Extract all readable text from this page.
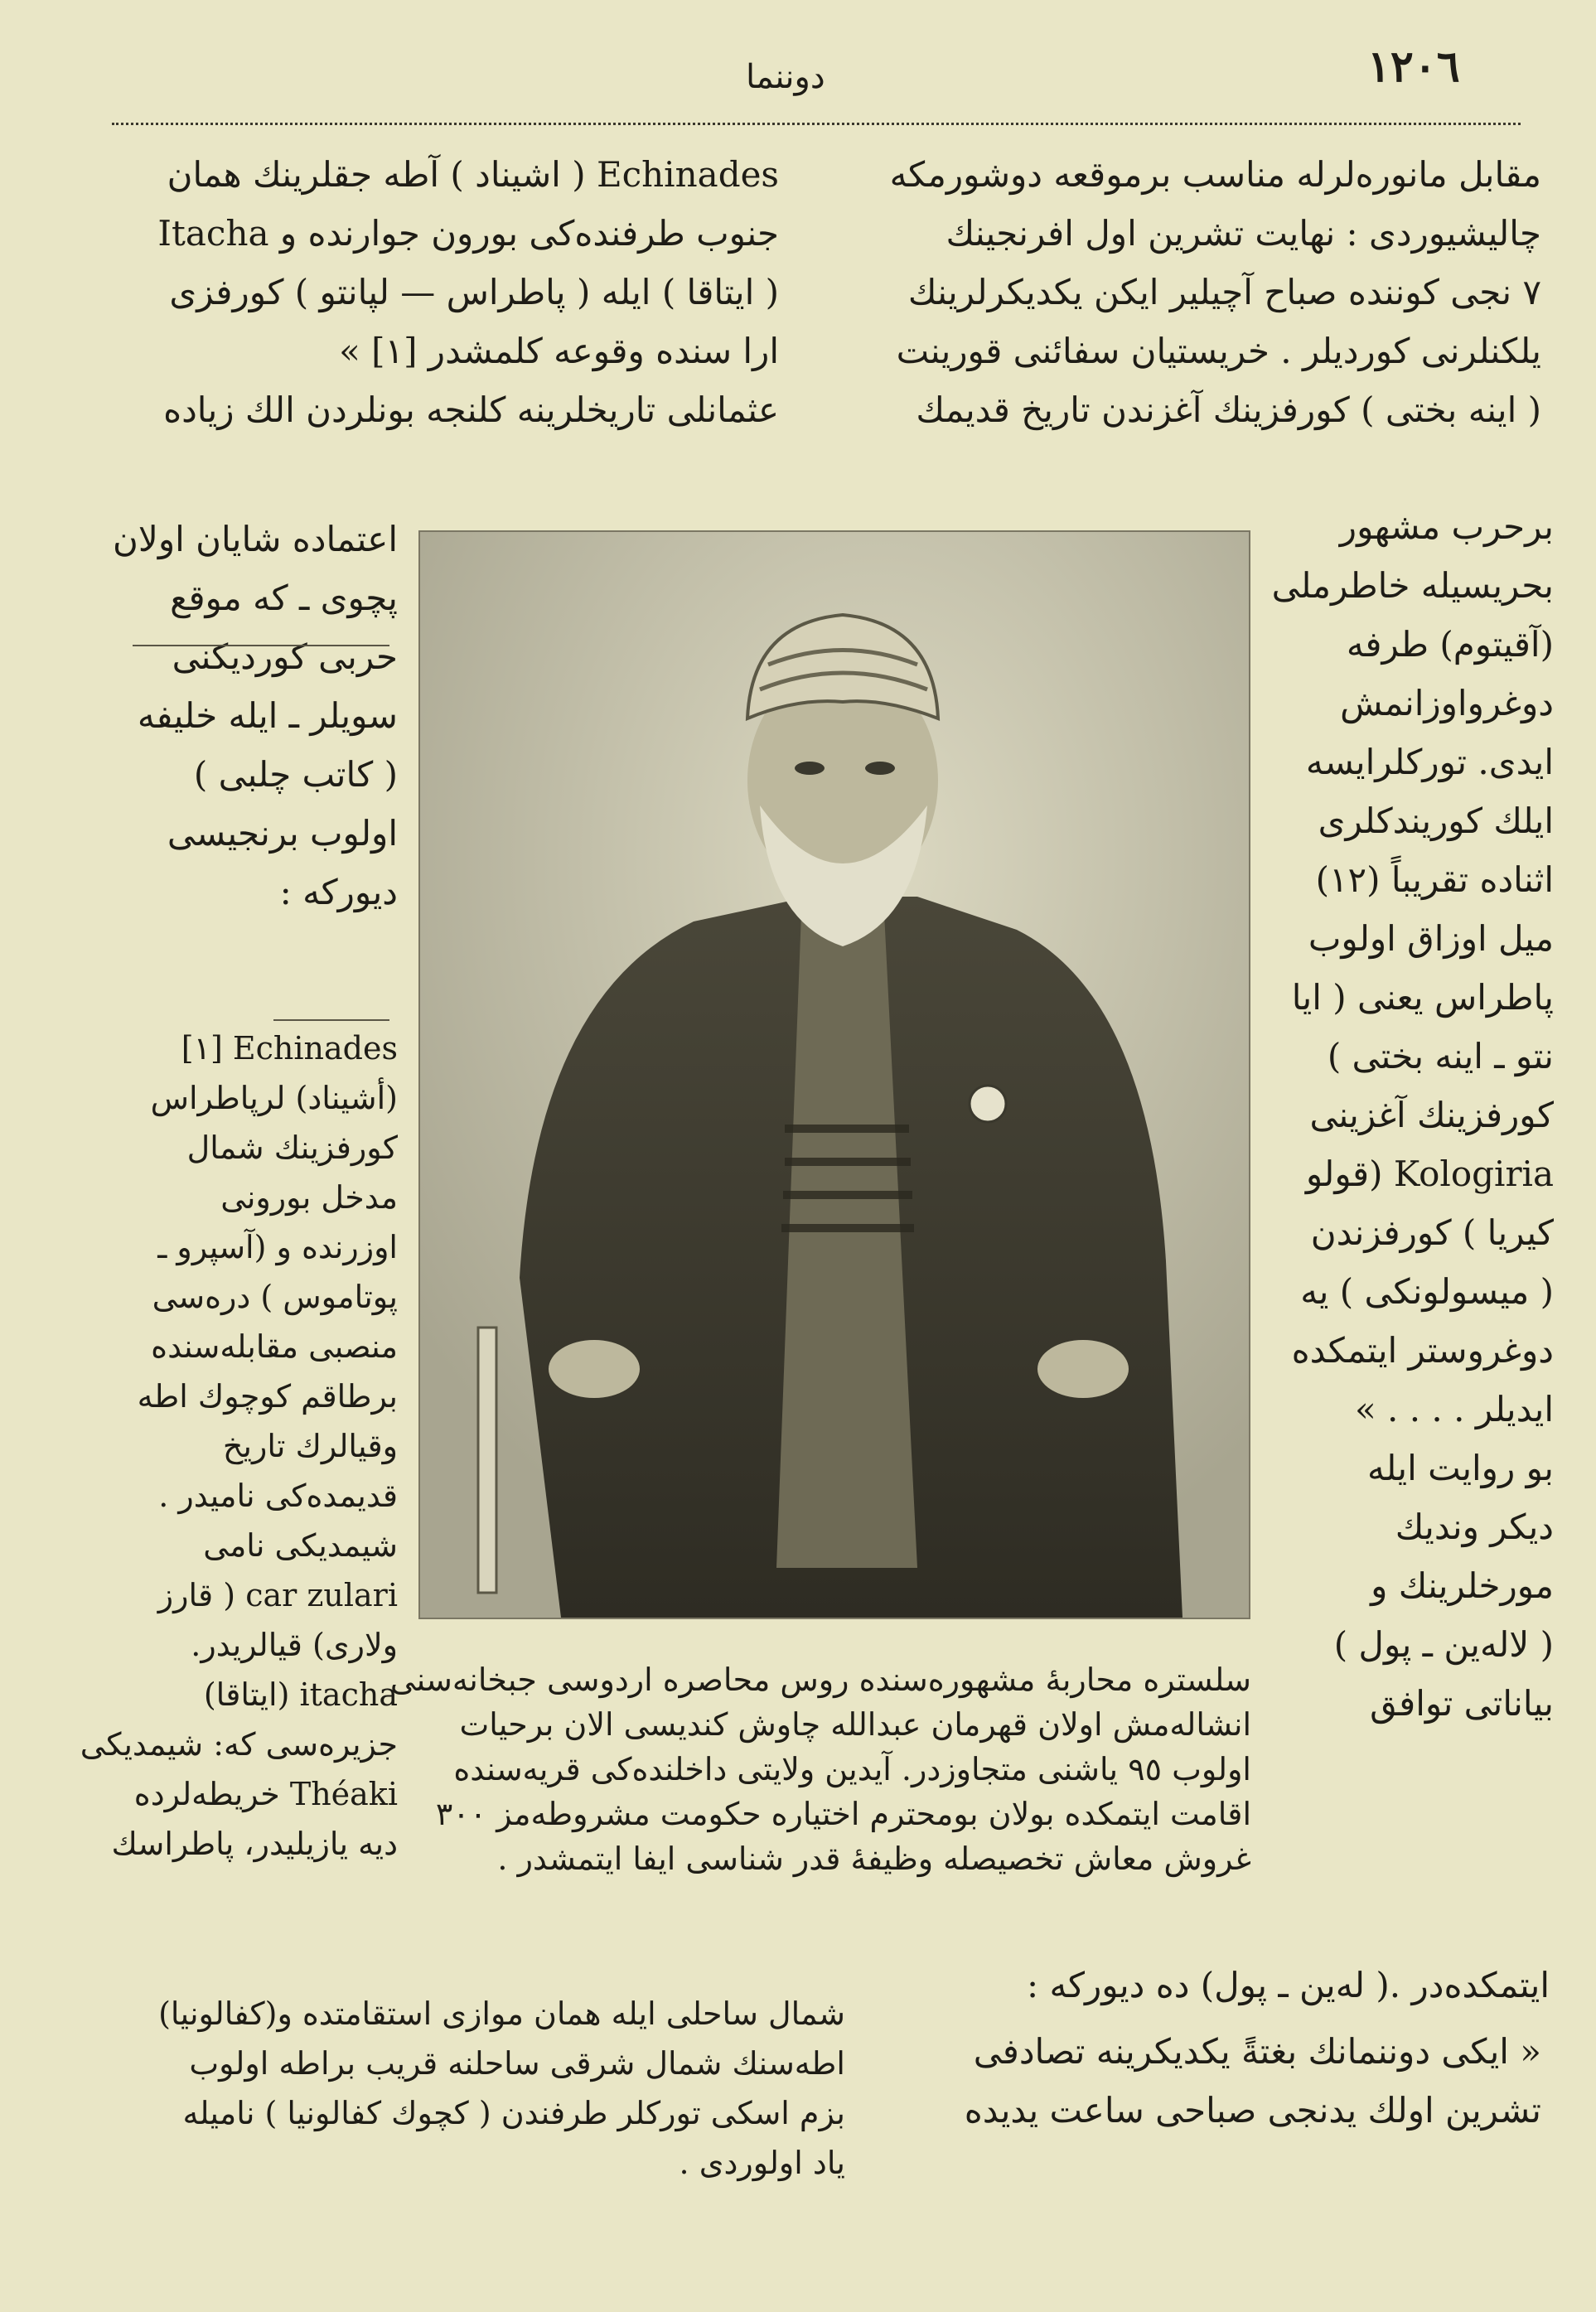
١٢٠٦
دوننما

مقابل مانوره‌لرله مناسب برموقعه دوشورمكه

چاليشيوردى : نهايت تشرين اول افرنجينك

٧ نجى كوننده صباح آچيلير ايكن يكديكرلرينك

يلكنلرنى كورديلر . خريستيان سفائنى قورينت

( اينه بختى ) كورفزينك آغزندن تاريخ قديمك

Echinades ( اشيناد ) آطه جقلرينك همان

جنوب طرفنده‌كى بورون جوارنده و Itacha

( ايتاقا ) ايله ( پاطراس — لپانتو ) كورفزى

ارا سنده وقوعه كلمشدر [١] »

عثمانلى تاريخلرينه كلنجه بونلردن الك زياده

برحرب مشهور

بحريسيله خاطرملى

(آقيتوم) طرفه

دوغرواوزانمش

ايدى. توركلرايسه

ايلك كوريندكلرى

اثناده تقريباً (١٢)

ميل اوزاق اولوب

پاطراس يعنى ( ايا

نتو ـ اينه بختى )

كورفزينك آغزينى

Kologiria (قولو

كيريا ) كورفزندن

( ميسولونكى ) يه

دوغروستر ايتمكده

ايديلر . . . . »

بو روايت ايله

ديكر ونديك

مورخلرينك و

( لاله‌ين ـ پول )

بياناتى توافق

ايتمكده‌در .( له‌ين ـ پول) ده ديوركه :

اعتماده شايان اولان

پچوى ـ كه موقع

حربى كورديكنى

سويلر ـ ايله خليفه

( كاتب چلبى )

اولوب برنجيسى

ديوركه :

Echinades [١]

(أشيناد) لرپاطراس

كورفزينك شمال

مدخل بورونى

اوزرنده و (آسپرو ـ

پوتاموس ) دره‌سى

منصبى مقابله‌سنده

برطاقم كوچوك اطه

وقيالرك تاريخ

قديمده‌كى ناميدر .

شيمديكى نامى

car zulari ( قارز

ولارى) قيالريدر.

itacha (ايتاقا)

جزيره‌سى كه: شيمديكى

Théaki خريطه‌لرده

ديه يازيليدر، پاطراسك

سلستره محاربهٔ مشهوره‌سنده روس محاصره اردوسى جبخانه‌سنى

انشاله‌مش اولان قهرمان عبدالله چاوش كنديسى الان برحيات

اولوب ٩٥ ياشنى متجاوزدر. آيدين ولايتى داخلنده‌كى قريه‌سنده

اقامت ايتمكده بولان بومحترم اختياره حكومت مشروطه‌مز ٣٠٠

غروش معاش تخصيصله وظيفهٔ قدر شناسى ايفا ايتمشدر .

شمال ساحلى ايله همان موازى استقامتده و(كفالونيا)

اطه‌سنك شمال شرقى ساحلنه قريب براطه اولوب

بزم اسكى توركلر طرفندن ( كچوك كفالونيا ) ناميله

ياد اولوردى .

« ايكى دوننمانك بغتةً يكديكرينه تصادفى

تشرين اولك يدنجى صباحى ساعت يديده
